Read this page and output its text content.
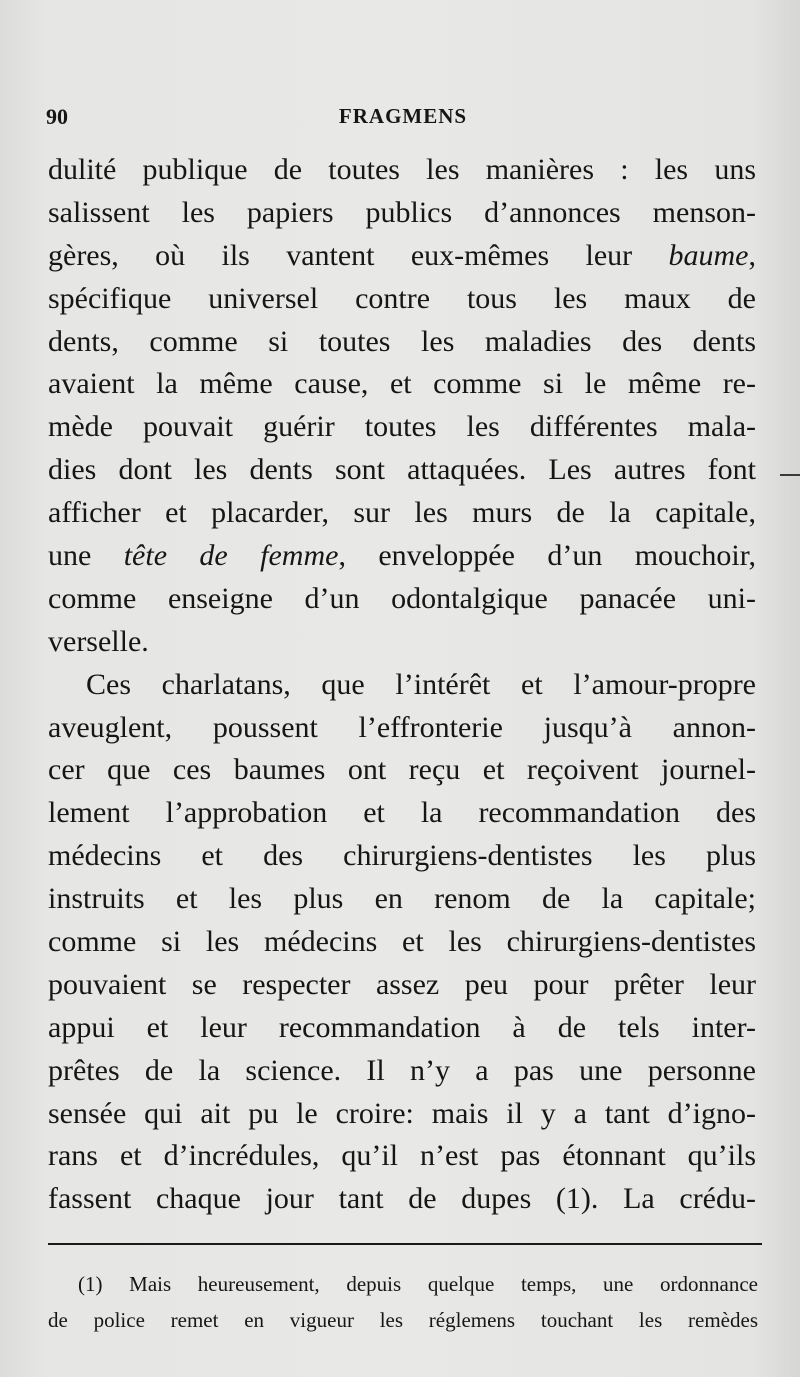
90	FRAGMENS
dulité publique de toutes les manières : les uns
salissent les papiers publics d’annonces menson-
gères, où ils vantent eux-mêmes leur baume,
spécifique universel contre tous les maux de
dents, comme si toutes les maladies des dents
avaient la même cause, et comme si le même re-
mède pouvait guérir toutes les différentes mala-
dies dont les dents sont attaquées. Les autres font
afficher et placarder, sur les murs de la capitale,
une tête de femme, enveloppée d’un mouchoir,
comme enseigne d’un odontalgique panacée uni-
verselle.
Ces charlatans, que l’intérêt et l’amour-propre
aveuglent, poussent l’effronterie jusqu’à annon-
cer que ces baumes ont reçu et reçoivent journel-
lement l’approbation et la recommandation des
médecins et des chirurgiens-dentistes les plus
instruits et les plus en renom de la capitale;
comme si les médecins et les chirurgiens-dentistes
pouvaient se respecter assez peu pour prêter leur
appui et leur recommandation à de tels inter-
prêtes de la science. Il n’y a pas une personne
sensée qui ait pu le croire: mais il y a tant d’igno-
rans et d’incrédules, qu’il n’est pas étonnant qu’ils
fassent chaque jour tant de dupes (1). La crédu-
(1) Mais heureusement, depuis quelque temps, une ordonnance
de police remet en vigueur les réglemens touchant les remèdes
